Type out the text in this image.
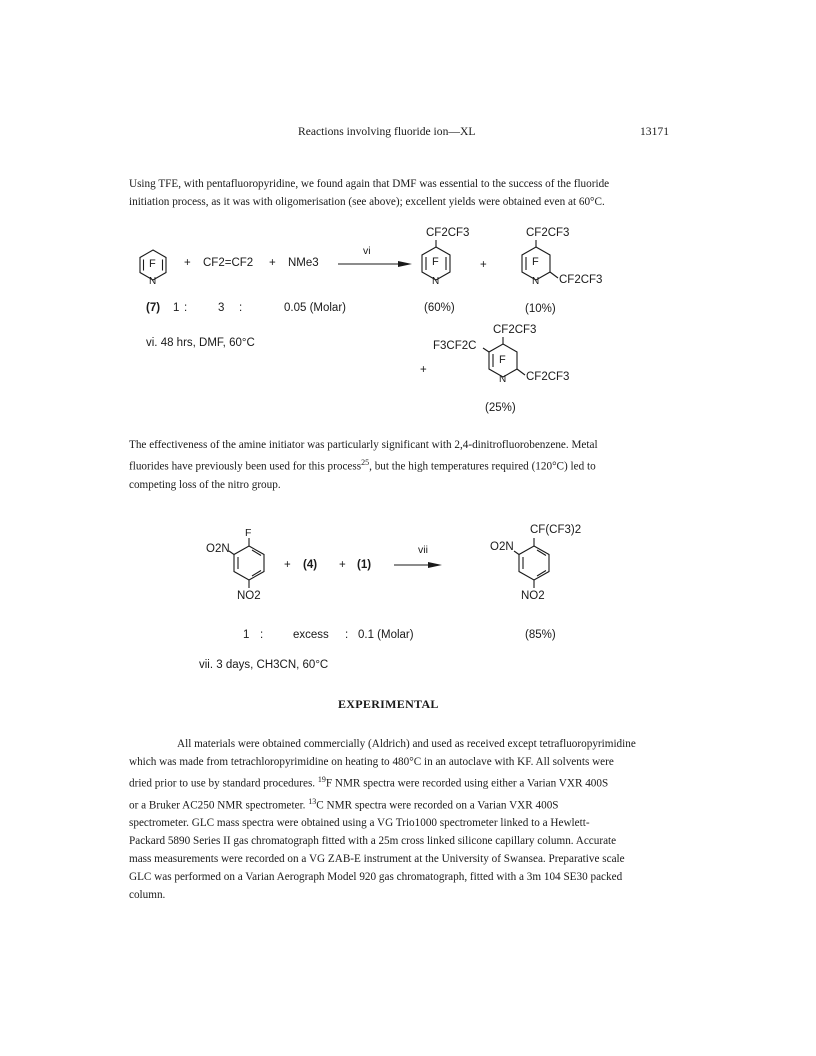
Reactions involving fluoride ion—XL	13171
Using TFE, with pentafluoropyridine, we found again that DMF was essential to the success of the fluoride
initiation process, as it was with oligomerisation (see above); excellent yields were obtained even at 60°C.
F
N
F
N
F
N
F
N
+ CF2=CF2 + NMe3
vi
+
+
CF2CF3	CF2CF3
CF2CF3
CF2CF3
F3CF2C
CF2CF3
(7) 1 :	3 :	0.05 (Molar)	(60%)	(10%)
(25%)
vi. 48 hrs, DMF, 60°C
The effectiveness of the amine initiator was particularly significant with 2,4-dinitrofluorobenzene. Metal
fluorides have previously been used for this process$^{25}$, but the high temperatures required (120°C) led to
competing loss of the nitro group.
F
O2N
NO2
+ (4) + (1)
vii
CF(CF3)2
O2N
NO2
1 :	excess : 0.1 (Molar)	(85%)
vii. 3 days, CH3CN, 60°C
EXPERIMENTAL
All materials were obtained commercially (Aldrich) and used as received except tetrafluoropyrimidine
which was made from tetrachloropyrimidine on heating to 480°C in an autoclave with KF. All solvents were
dried prior to use by standard procedures. $^{19}$F NMR spectra were recorded using either a Varian VXR 400S
or a Bruker AC250 NMR spectrometer. $^{13}$C NMR spectra were recorded on a Varian VXR 400S
spectrometer. GLC mass spectra were obtained using a VG Trio1000 spectrometer linked to a Hewlett-
Packard 5890 Series II gas chromatograph fitted with a 25m cross linked silicone capillary column. Accurate
mass measurements were recorded on a VG ZAB-E instrument at the University of Swansea. Preparative scale
GLC was performed on a Varian Aerograph Model 920 gas chromatograph, fitted with a 3m 104 SE30 packed
column.
